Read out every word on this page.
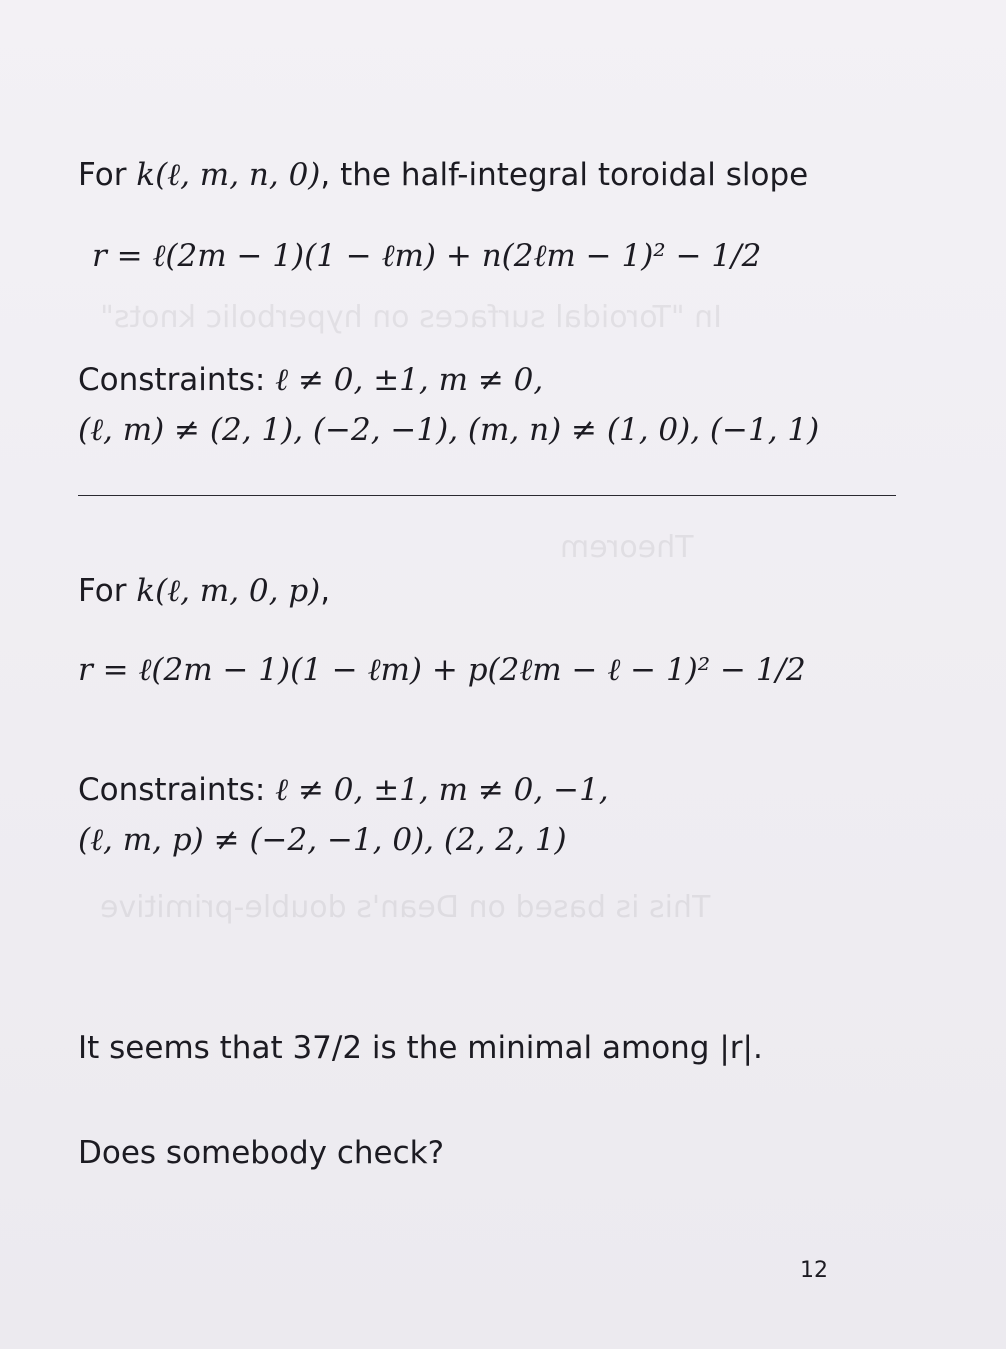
In "Toroidal surfaces on hyperbolic knots"
Theorem
This is based on Dean's double-primitive
For k(ℓ, m, n, 0), the half-integral toroidal slope
r = ℓ(2m − 1)(1 − ℓm) + n(2ℓm − 1)² − 1/2
Constraints: ℓ ≠ 0, ±1, m ≠ 0,
(ℓ, m) ≠ (2, 1), (−2, −1), (m, n) ≠ (1, 0), (−1, 1)
For k(ℓ, m, 0, p),
r = ℓ(2m − 1)(1 − ℓm) + p(2ℓm − ℓ − 1)² − 1/2
Constraints: ℓ ≠ 0, ±1, m ≠ 0, −1,
(ℓ, m, p) ≠ (−2, −1, 0), (2, 2, 1)
It seems that 37/2 is the minimal among |r|.
Does somebody check?
12
